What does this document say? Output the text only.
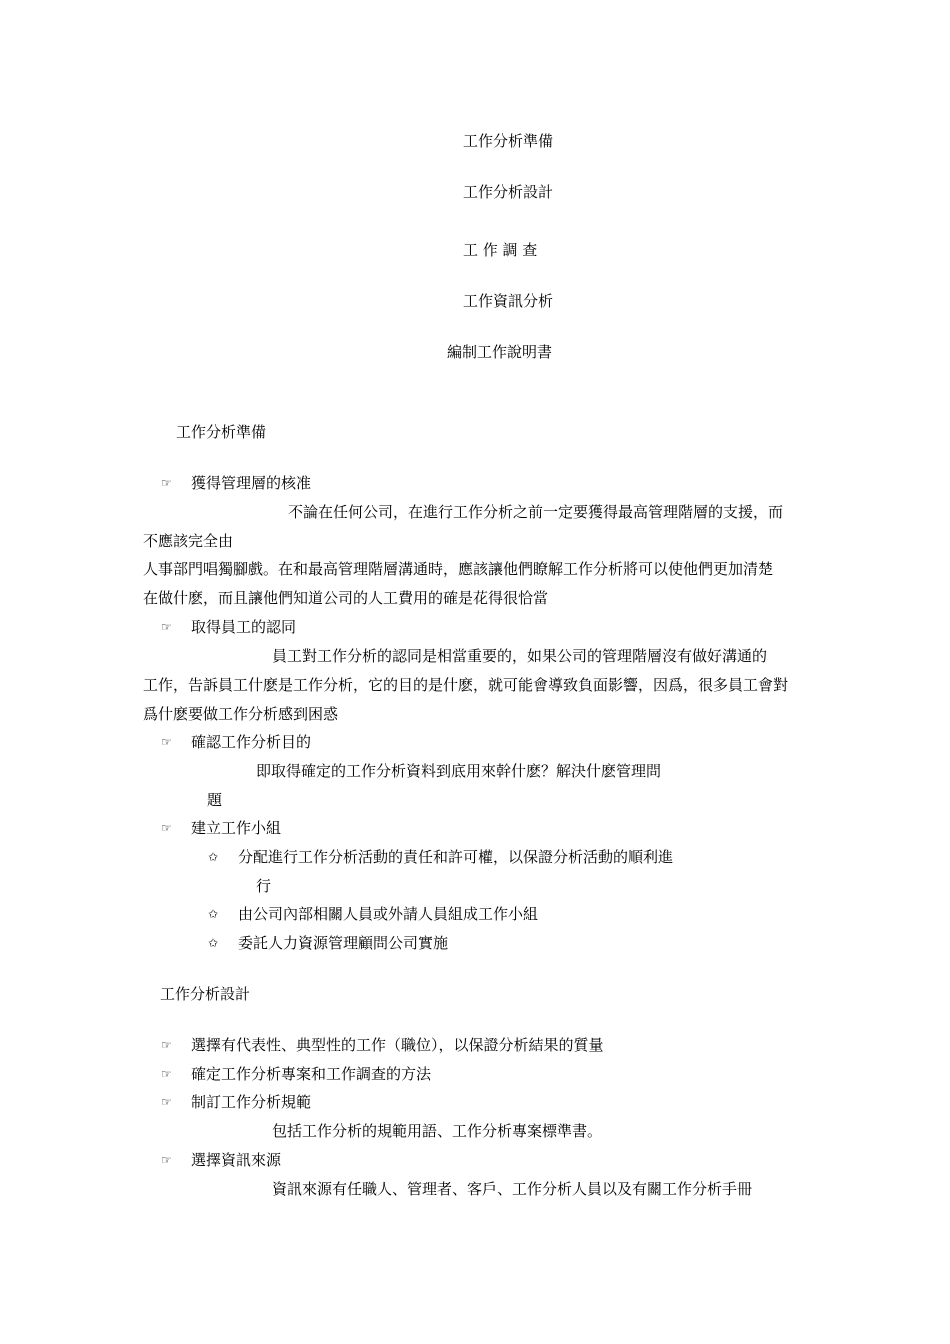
工作分析準備
工作分析設計
工 作 調 查
工作資訊分析
編制工作說明書
工作分析準備
☞ 獲得管理層的核准
不論在任何公司，在進行工作分析之前一定要獲得最高管理階層的支援，而
不應該完全由
人事部門唱獨腳戲。在和最高管理階層溝通時，應該讓他們瞭解工作分析將可以使他們更加清楚
在做什麽，而且讓他們知道公司的人工費用的確是花得很恰當
☞ 取得員工的認同
員工對工作分析的認同是相當重要的，如果公司的管理階層沒有做好溝通的
工作，告訴員工什麽是工作分析，它的目的是什麽，就可能會導致負面影響，因爲，很多員工會對
爲什麽要做工作分析感到困惑
☞ 確認工作分析目的
即取得確定的工作分析資料到底用來幹什麽？解決什麽管理問
題
☞ 建立工作小組
✩ 分配進行工作分析活動的責任和許可權，以保證分析活動的順利進
行
✩ 由公司內部相關人員或外請人員組成工作小組
✩ 委託人力資源管理顧問公司實施
工作分析設計
☞ 選擇有代表性、典型性的工作（職位），以保證分析結果的質量
☞ 確定工作分析專案和工作調查的方法
☞ 制訂工作分析規範
包括工作分析的規範用語、工作分析專案標準書。
☞ 選擇資訊來源
資訊來源有任職人、管理者、客戶、工作分析人員以及有關工作分析手冊
